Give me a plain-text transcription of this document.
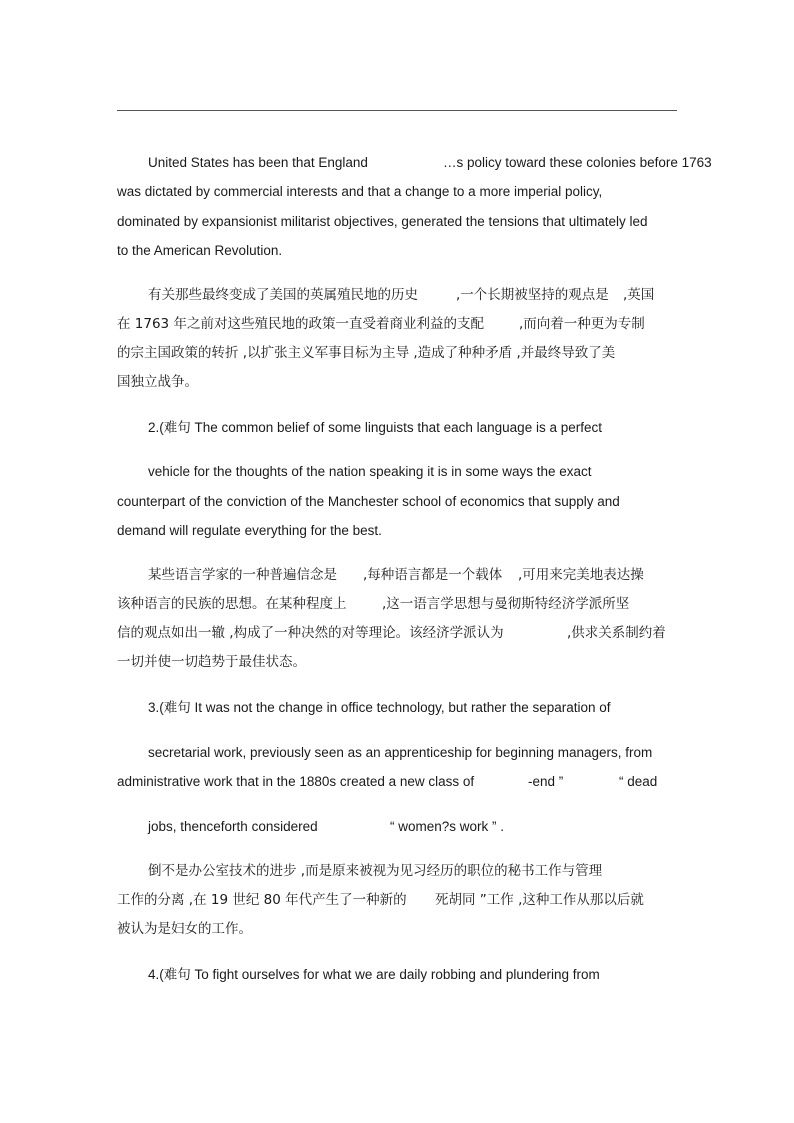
United States has been that England	…s policy toward these colonies before 1763
was dictated by commercial interests and that a change to a more imperial policy,
dominated by expansionist militarist objectives, generated the tensions that ultimately led
to the American Revolution.
有关那些最终变成了美国的英属殖民地的历史	,一个长期被坚持的观点是 ,英国
在 1763 年之前对这些殖民地的政策一直受着商业利益的支配	,而向着一种更为专制
的宗主国政策的转折 ,以扩张主义军事目标为主导 ,造成了种种矛盾 ,并最终导致了美
国独立战争。
2.(难句 The common belief of some linguists that each language is a perfect
vehicle for the thoughts of the nation speaking it is in some ways the exact
counterpart of the conviction of the Manchester school of economics that supply and
demand will regulate everything for the best.
某些语言学家的一种普遍信念是 ,每种语言都是一个载体 ,可用来完美地表达操
该种语言的民族的思想。在某种程度上	,这一语言学思想与曼彻斯特经济学派所坚
信的观点如出一辙 ,构成了一种决然的对等理论。该经济学派认为	,供求关系制约着
一切并使一切趋势于最佳状态。
3.(难句 It was not the change in office technology, but rather the separation of
secretarial work, previously seen as an apprenticeship for beginning managers, from
administrative work that in the 1880s created a new class of	-end ”	“ dead
jobs, thenceforth considered	“ women?s work ” .
倒不是办公室技术的进步 ,而是原来被视为见习经历的职位的秘书工作与管理
工作的分离 ,在 19 世纪 80 年代产生了一种新的 死胡同 ”工作 ,这种工作从那以后就
被认为是妇女的工作。
4.(难句 To fight ourselves for what we are daily robbing and plundering from
